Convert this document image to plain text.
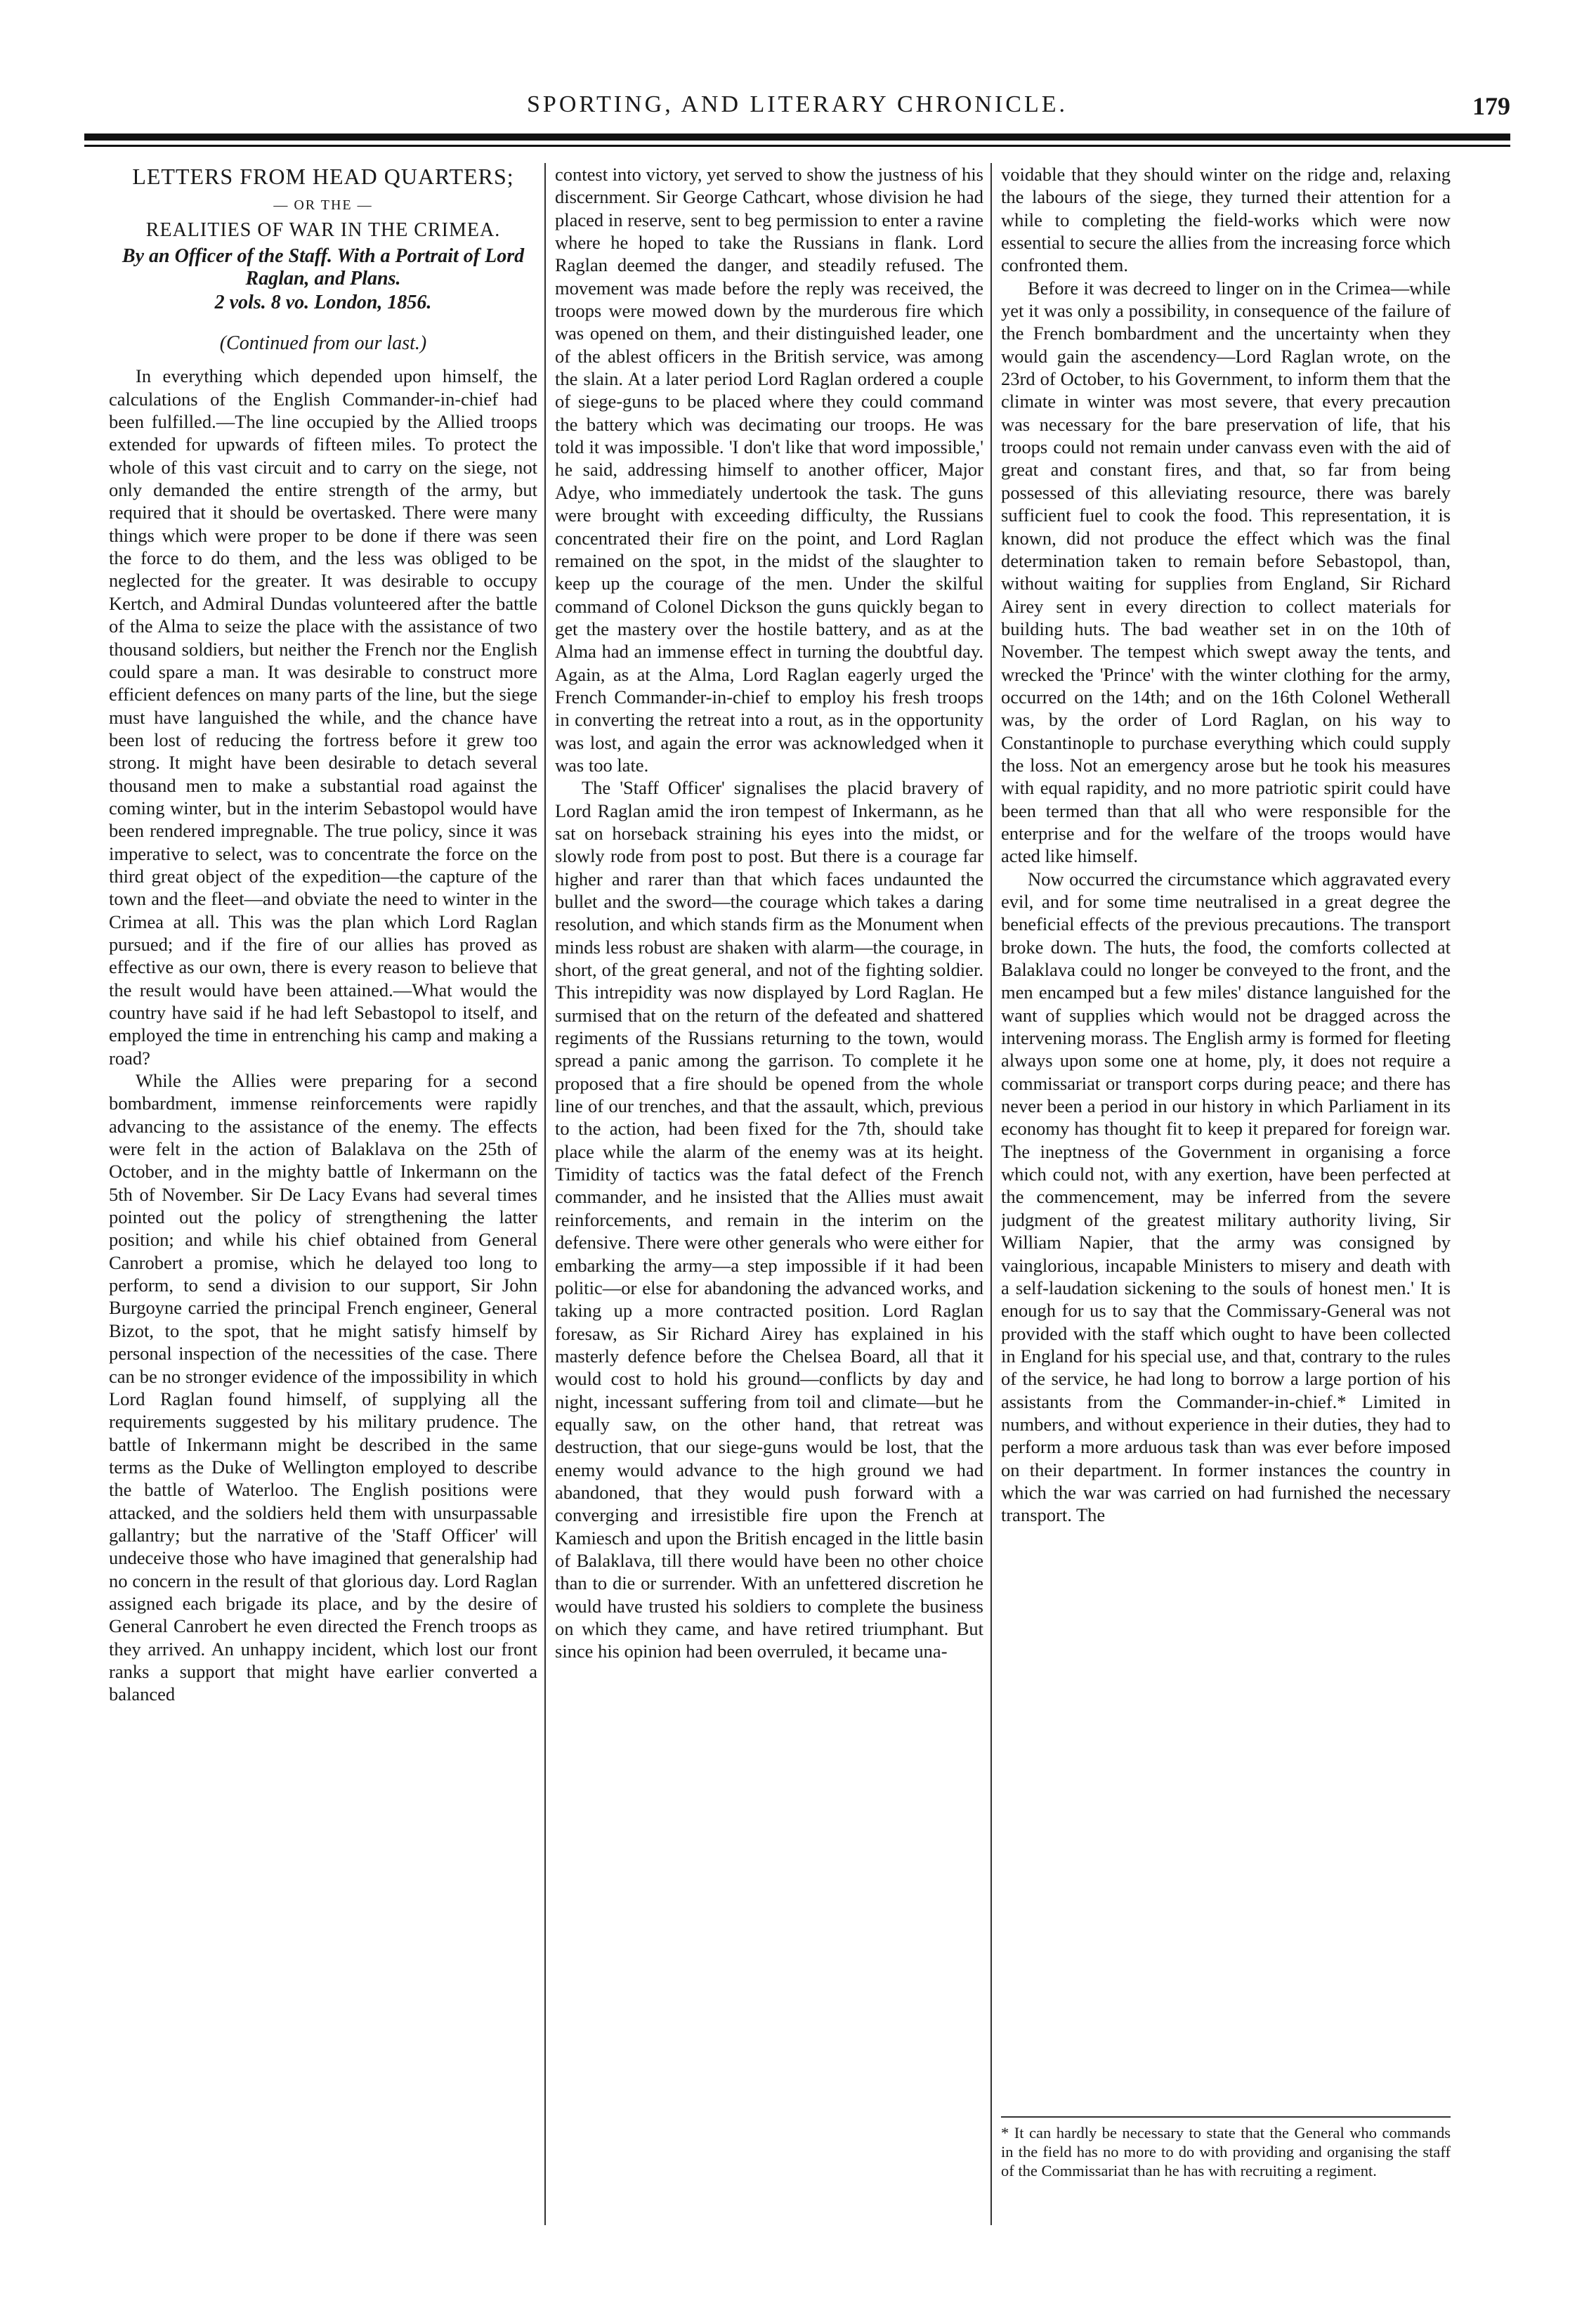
SPORTING, AND LITERARY CHRONICLE.	179
LETTERS FROM HEAD QUARTERS;
— OR THE —
REALITIES OF WAR IN THE CRIMEA.
By an Officer of the Staff. With a Portrait of Lord Raglan, and Plans.
2 vols. 8 vo. London, 1856.
(Continued from our last.)

In everything which depended upon himself, the calculations of the English Commander-in-chief had been fulfilled.—The line occupied by the Allied troops extended for upwards of fifteen miles. To protect the whole of this vast circuit and to carry on the siege, not only demanded the entire strength of the army, but required that it should be overtasked. There were many things which were proper to be done if there was seen the force to do them, and the less was obliged to be neglected for the greater. It was desirable to occupy Kertch, and Admiral Dundas volunteered after the battle of the Alma to seize the place with the assistance of two thousand soldiers, but neither the French nor the English could spare a man. It was desirable to construct more efficient defences on many parts of the line, but the siege must have languished the while, and the chance have been lost of reducing the fortress before it grew too strong. It might have been desirable to detach several thousand men to make a substantial road against the coming winter, but in the interim Sebastopol would have been rendered impregnable. The true policy, since it was imperative to select, was to concentrate the force on the third great object of the expedition—the capture of the town and the fleet—and obviate the need to winter in the Crimea at all. This was the plan which Lord Raglan pursued; and if the fire of our allies has proved as effective as our own, there is every reason to believe that the result would have been attained.—What would the country have said if he had left Sebastopol to itself, and employed the time in entrenching his camp and making a road?

While the Allies were preparing for a second bombardment, immense reinforcements were rapidly advancing to the assistance of the enemy. The effects were felt in the action of Balaklava on the 25th of October, and in the mighty battle of Inkermann on the 5th of November. Sir De Lacy Evans had several times pointed out the policy of strengthening the latter position; and while his chief obtained from General Canrobert a promise, which he delayed too long to perform, to send a division to our support, Sir John Burgoyne carried the principal French engineer, General Bizot, to the spot, that he might satisfy himself by personal inspection of the necessities of the case. There can be no stronger evidence of the impossibility in which Lord Raglan found himself, of supplying all the requirements suggested by his military prudence. The battle of Inkermann might be described in the same terms as the Duke of Wellington employed to describe the battle of Waterloo. The English positions were attacked, and the soldiers held them with unsurpassable gallantry; but the narrative of the 'Staff Officer' will undeceive those who have imagined that generalship had no concern in the result of that glorious day. Lord Raglan assigned each brigade its place, and by the desire of General Canrobert he even directed the French troops as they arrived. An unhappy incident, which lost our front ranks a support that might have earlier converted a balanced

contest into victory, yet served to show the justness of his discernment. Sir George Cathcart, whose division he had placed in reserve, sent to beg permission to enter a ravine where he hoped to take the Russians in flank. Lord Raglan deemed the danger, and steadily refused. The movement was made before the reply was received, the troops were mowed down by the murderous fire which was opened on them, and their distinguished leader, one of the ablest officers in the British service, was among the slain. At a later period Lord Raglan ordered a couple of siege-guns to be placed where they could command the battery which was decimating our troops. He was told it was impossible. 'I don't like that word impossible,' he said, addressing himself to another officer, Major Adye, who immediately undertook the task. The guns were brought with exceeding difficulty, the Russians concentrated their fire on the point, and Lord Raglan remained on the spot, in the midst of the slaughter to keep up the courage of the men. Under the skilful command of Colonel Dickson the guns quickly began to get the mastery over the hostile battery, and as at the Alma had an immense effect in turning the doubtful day. Again, as at the Alma, Lord Raglan eagerly urged the French Commander-in-chief to employ his fresh troops in converting the retreat into a rout, as in the opportunity was lost, and again the error was acknowledged when it was too late.

The 'Staff Officer' signalises the placid bravery of Lord Raglan amid the iron tempest of Inkermann, as he sat on horseback straining his eyes into the midst, or slowly rode from post to post. But there is a courage far higher and rarer than that which faces undaunted the bullet and the sword—the courage which takes a daring resolution, and which stands firm as the Monument when minds less robust are shaken with alarm—the courage, in short, of the great general, and not of the fighting soldier. This intrepidity was now displayed by Lord Raglan. He surmised that on the return of the defeated and shattered regiments of the Russians returning to the town, would spread a panic among the garrison. To complete it he proposed that a fire should be opened from the whole line of our trenches, and that the assault, which, previous to the action, had been fixed for the 7th, should take place while the alarm of the enemy was at its height. Timidity of tactics was the fatal defect of the French commander, and he insisted that the Allies must await reinforcements, and remain in the interim on the defensive. There were other generals who were either for embarking the army—a step impossible if it had been politic—or else for abandoning the advanced works, and taking up a more contracted position. Lord Raglan foresaw, as Sir Richard Airey has explained in his masterly defence before the Chelsea Board, all that it would cost to hold his ground—conflicts by day and night, incessant suffering from toil and climate—but he equally saw, on the other hand, that retreat was destruction, that our siege-guns would be lost, that the enemy would advance to the high ground we had abandoned, that they would push forward with a converging and irresistible fire upon the French at Kamiesch and upon the British encaged in the little basin of Balaklava, till there would have been no other choice than to die or surrender. With an unfettered discretion he would have trusted his soldiers to complete the business on which they came, and have retired triumphant. But since his opinion had been overruled, it became una-

voidable that they should winter on the ridge and, relaxing the labours of the siege, they turned their attention for a while to completing the field-works which were now essential to secure the allies from the increasing force which confronted them.

Before it was decreed to linger on in the Crimea—while yet it was only a possibility, in consequence of the failure of the French bombardment and the uncertainty when they would gain the ascendency—Lord Raglan wrote, on the 23rd of October, to his Government, to inform them that the climate in winter was most severe, that every precaution was necessary for the bare preservation of life, that his troops could not remain under canvass even with the aid of great and constant fires, and that, so far from being possessed of this alleviating resource, there was barely sufficient fuel to cook the food. This representation, it is known, did not produce the effect which was the final determination taken to remain before Sebastopol, than, without waiting for supplies from England, Sir Richard Airey sent in every direction to collect materials for building huts. The bad weather set in on the 10th of November. The tempest which swept away the tents, and wrecked the 'Prince' with the winter clothing for the army, occurred on the 14th; and on the 16th Colonel Wetherall was, by the order of Lord Raglan, on his way to Constantinople to purchase everything which could supply the loss. Not an emergency arose but he took his measures with equal rapidity, and no more patriotic spirit could have been termed than that all who were responsible for the enterprise and for the welfare of the troops would have acted like himself.

Now occurred the circumstance which aggravated every evil, and for some time neutralised in a great degree the beneficial effects of the previous precautions. The transport broke down. The huts, the food, the comforts collected at Balaklava could no longer be conveyed to the front, and the men encamped but a few miles' distance languished for the want of supplies which would not be dragged across the intervening morass. The English army is formed for fleeting always upon some one at home, ply, it does not require a commissariat or transport corps during peace; and there has never been a period in our history in which Parliament in its economy has thought fit to keep it prepared for foreign war. The ineptness of the Government in organising a force which could not, with any exertion, have been perfected at the commencement, may be inferred from the severe judgment of the greatest military authority living, Sir William Napier, that the army was consigned by vainglorious, incapable Ministers to misery and death with a self-laudation sickening to the souls of honest men.' It is enough for us to say that the Commissary-General was not provided with the staff which ought to have been collected in England for his special use, and that, contrary to the rules of the service, he had long to borrow a large portion of his assistants from the Commander-in-chief.* Limited in numbers, and without experience in their duties, they had to perform a more arduous task than was ever before imposed on their department. In former instances the country in which the war was carried on had furnished the necessary transport. The

* It can hardly be necessary to state that the General who commands in the field has no more to do with providing and organising the staff of the Commissariat than he has with recruiting a regiment.
